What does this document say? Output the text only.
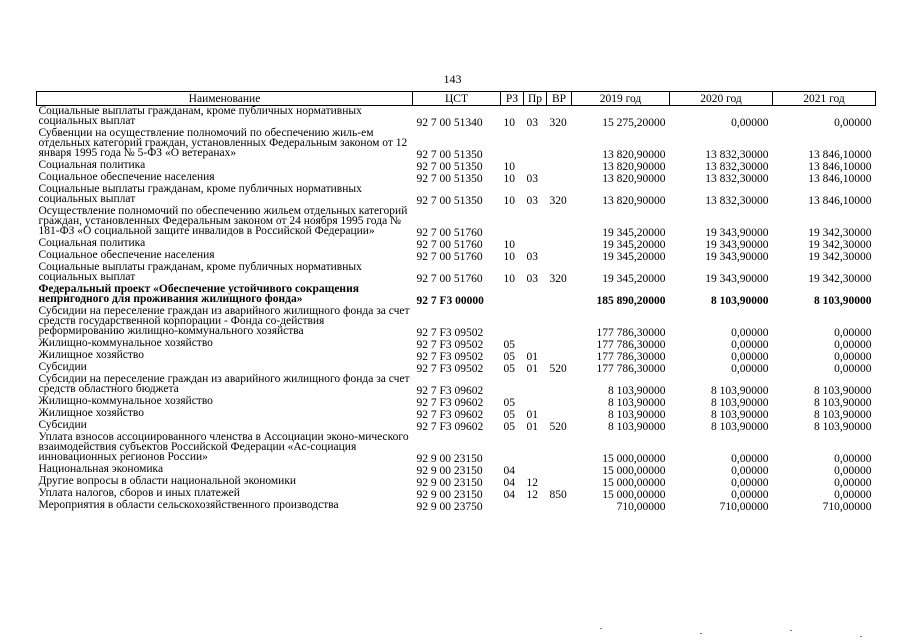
143
Наименование	ЦСТ	РЗ	Пр	ВР	2019 год	2020 год	2021 год
Социальные выплаты гражданам, кроме публичных нормативных социальных выплат	92 7 00 51340	10	03	320	15 275,20000	0,00000	0,00000
Субвенции на осуществление полномочий по обеспечению жиль-ем отдельных категорий граждан, установленных Федеральным законом от 12 января 1995 года № 5-ФЗ «О ветеранах»	92 7 00 51350				13 820,90000	13 832,30000	13 846,10000
Социальная политика	92 7 00 51350	10			13 820,90000	13 832,30000	13 846,10000
Социальное обеспечение населения	92 7 00 51350	10	03		13 820,90000	13 832,30000	13 846,10000
Социальные выплаты гражданам, кроме публичных нормативных социальных выплат	92 7 00 51350	10	03	320	13 820,90000	13 832,30000	13 846,10000
Осуществление полномочий по обеспечению жильем отдельных категорий граждан, установленных Федеральным законом от 24 ноября 1995 года № 181-ФЗ «О социальной защите инвалидов в Российской Федерации»	92 7 00 51760				19 345,20000	19 343,90000	19 342,30000
Социальная политика	92 7 00 51760	10			19 345,20000	19 343,90000	19 342,30000
Социальное обеспечение населения	92 7 00 51760	10	03		19 345,20000	19 343,90000	19 342,30000
Социальные выплаты гражданам, кроме публичных нормативных социальных выплат	92 7 00 51760	10	03	320	19 345,20000	19 343,90000	19 342,30000
Федеральный проект «Обеспечение устойчивого сокращения непригодного для проживания жилищного фонда»	92 7 F3 00000				185 890,20000	8 103,90000	8 103,90000
Субсидии на переселение граждан из аварийного жилищного фонда за счет средств государственной корпорации - Фонда со-действия реформированию жилищно-коммунального хозяйства	92 7 F3 09502				177 786,30000	0,00000	0,00000
Жилищно-коммунальное хозяйство	92 7 F3 09502	05			177 786,30000	0,00000	0,00000
Жилищное хозяйство	92 7 F3 09502	05	01		177 786,30000	0,00000	0,00000
Субсидии	92 7 F3 09502	05	01	520	177 786,30000	0,00000	0,00000
Субсидии на переселение граждан из аварийного жилищного фонда за счет средств областного бюджета	92 7 F3 09602				8 103,90000	8 103,90000	8 103,90000
Жилищно-коммунальное хозяйство	92 7 F3 09602	05			8 103,90000	8 103,90000	8 103,90000
Жилищное хозяйство	92 7 F3 09602	05	01		8 103,90000	8 103,90000	8 103,90000
Субсидии	92 7 F3 09602	05	01	520	8 103,90000	8 103,90000	8 103,90000
Уплата взносов ассоциированного членства в Ассоциации эконо-мического взаимодействия субъектов Российской Федерации «Ас-социация инновационных регионов России»	92 9 00 23150				15 000,00000	0,00000	0,00000
Национальная экономика	92 9 00 23150	04			15 000,00000	0,00000	0,00000
Другие вопросы в области национальной экономики	92 9 00 23150	04	12		15 000,00000	0,00000	0,00000
Уплата налогов, сборов и иных платежей	92 9 00 23150	04	12	850	15 000,00000	0,00000	0,00000
Мероприятия в области сельскохозяйственного производства	92 9 00 23750				710,00000	710,00000	710,00000
